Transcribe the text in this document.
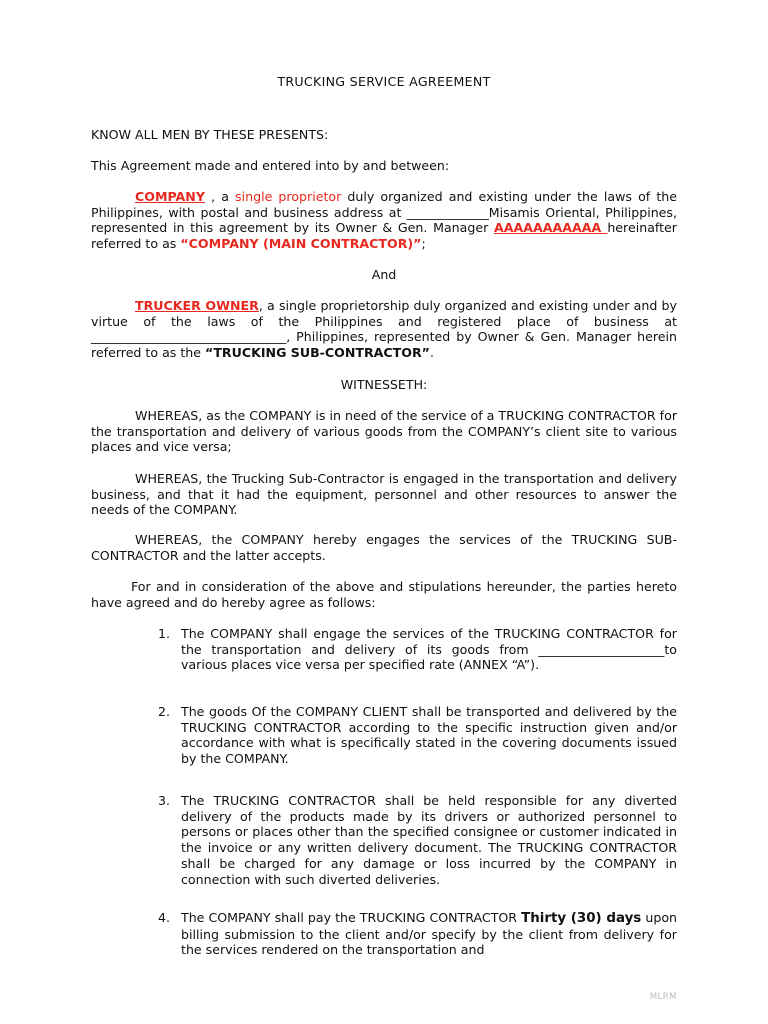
TRUCKING SERVICE AGREEMENT

KNOW ALL MEN BY THESE PRESENTS:

This Agreement made and entered into by and between:

COMPANY , a single proprietor duly organized and existing under the laws of the Philippines, with postal and business address at _____________Misamis Oriental, Philippines, represented in this agreement by its Owner & Gen. Manager AAAAAAAAAAA hereinafter referred to as “COMPANY (MAIN CONTRACTOR)”;

And

TRUCKER OWNER, a single proprietorship duly organized and existing under and by virtue of the laws of the Philippines and registered place of business at _______________________________, Philippines, represented by Owner & Gen. Manager herein referred to as the “TRUCKING SUB-CONTRACTOR”.

WITNESSETH:

WHEREAS, as the COMPANY is in need of the service of a TRUCKING CONTRACTOR for the transportation and delivery of various goods from the COMPANY’s client site to various places and vice versa;

WHEREAS, the Trucking Sub-Contractor is engaged in the transportation and delivery business, and that it had the equipment, personnel and other resources to answer the needs of the COMPANY.

WHEREAS, the COMPANY hereby engages the services of the TRUCKING SUB-CONTRACTOR and the latter accepts.

For and in consideration of the above and stipulations hereunder, the parties hereto have agreed and do hereby agree as follows:

1. The COMPANY shall engage the services of the TRUCKING CONTRACTOR for the transportation and delivery of its goods from ____________________to various places vice versa per specified rate (ANNEX “A”).
2. The goods Of the COMPANY CLIENT shall be transported and delivered by the TRUCKING CONTRACTOR according to the specific instruction given and/or accordance with what is specifically stated in the covering documents issued by the COMPANY.
3. The TRUCKING CONTRACTOR shall be held responsible for any diverted delivery of the products made by its drivers or authorized personnel to persons or places other than the specified consignee or customer indicated in the invoice or any written delivery document. The TRUCKING CONTRACTOR shall be charged for any damage or loss incurred by the COMPANY in connection with such diverted deliveries.
4. The COMPANY shall pay the TRUCKING CONTRACTOR Thirty (30) days upon billing submission to the client and/or specify by the client from delivery for the services rendered on the transportation and
MLRM
